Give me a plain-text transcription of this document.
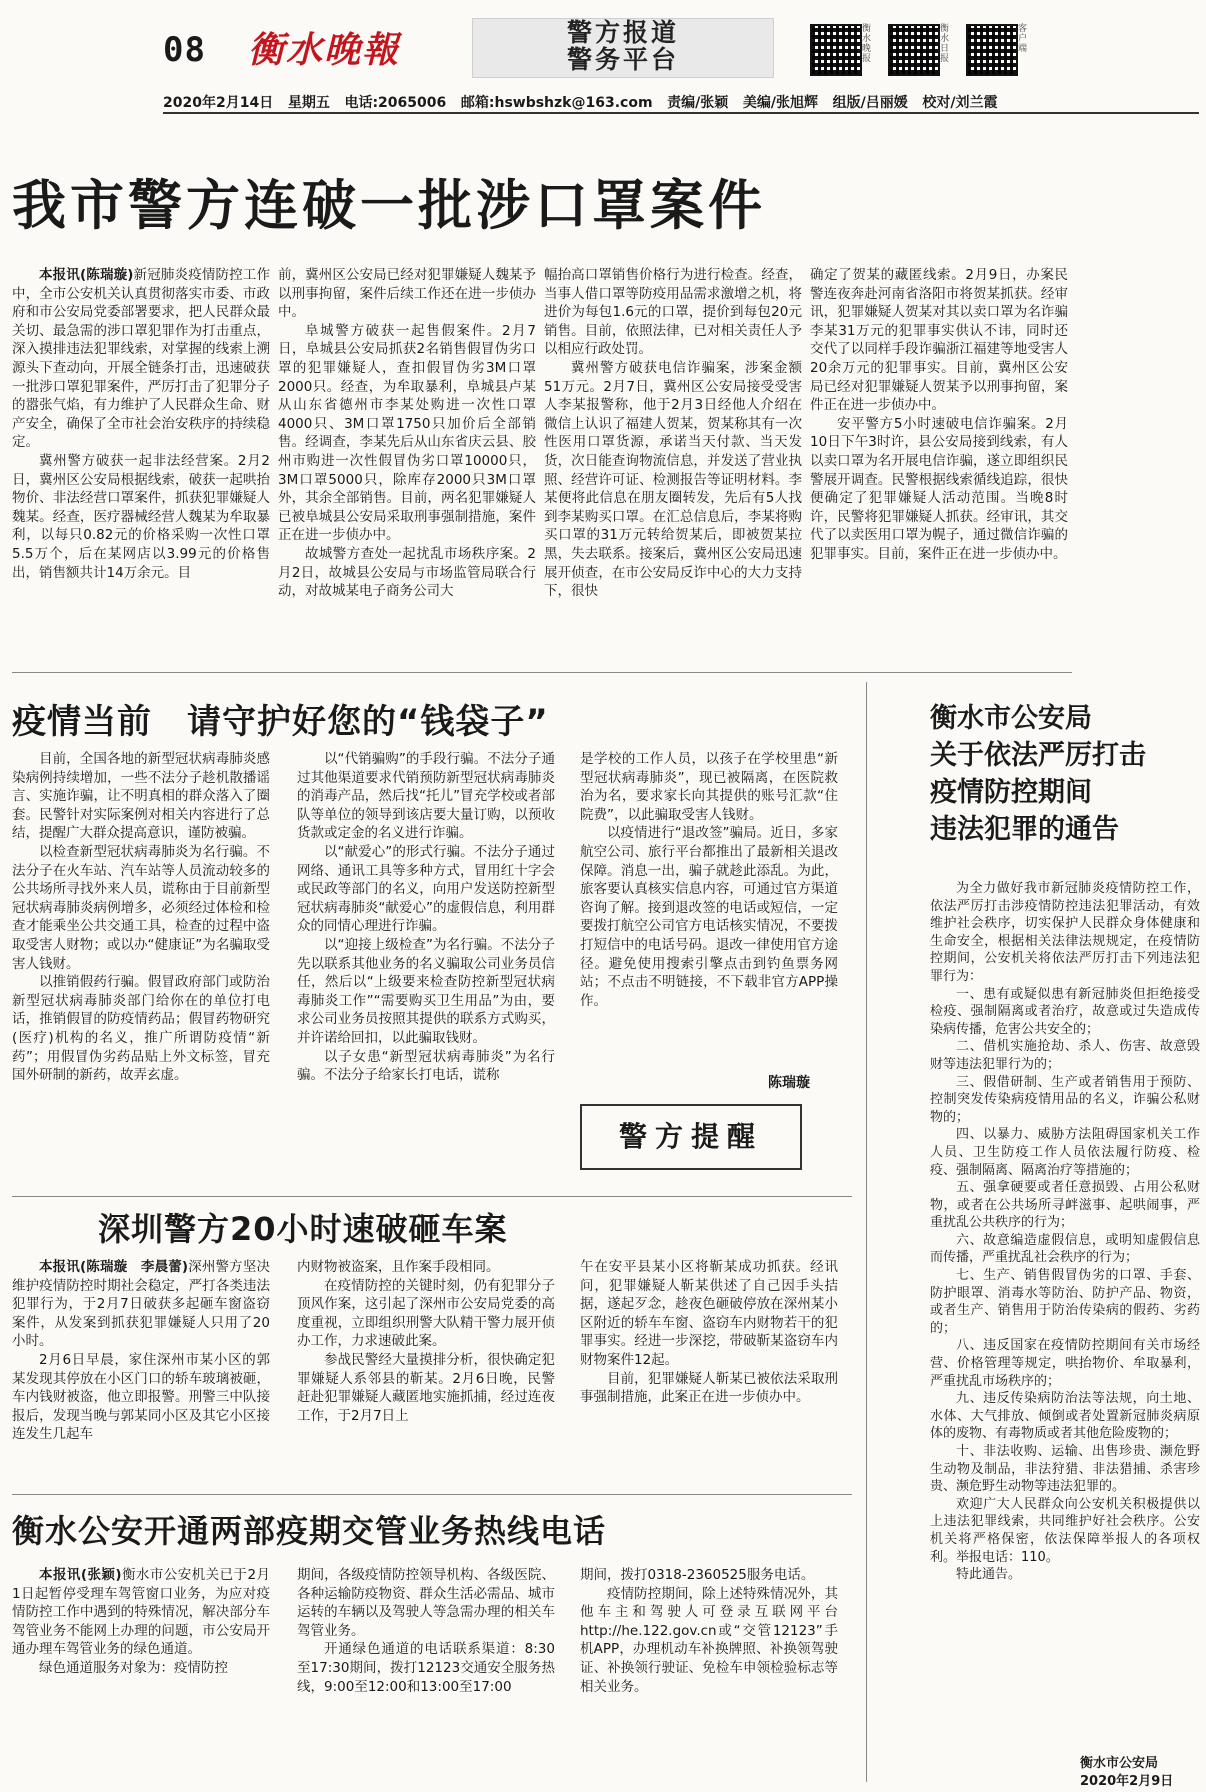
08 衡水晚報	警方报道
警务平台
衡水晚报
衡水日报
客户端
2020年2月14日 星期五 电话:2065006 邮箱:hswbshzk@163.com 责编/张颖 美编/张旭辉 组版/吕丽媛 校对/刘兰霞
我市警方连破一批涉口罩案件

本报讯(陈瑞璇)新冠肺炎疫情防控工作中，全市公安机关认真贯彻落实市委、市政府和市公安局党委部署要求，把人民群众最关切、最急需的涉口罩犯罪作为打击重点，深入摸排违法犯罪线索，对掌握的线索上溯源头下查动向，开展全链条打击，迅速破获一批涉口罩犯罪案件，严厉打击了犯罪分子的嚣张气焰，有力维护了人民群众生命、财产安全，确保了全市社会治安秩序的持续稳定。

冀州警方破获一起非法经营案。2月2日，冀州区公安局根据线索，破获一起哄抬物价、非法经营口罩案件，抓获犯罪嫌疑人魏某。经查，医疗器械经营人魏某为牟取暴利，以每只0.82元的价格采购一次性口罩5.5万个，后在某网店以3.99元的价格售出，销售额共计14万余元。目

前，冀州区公安局已经对犯罪嫌疑人魏某予以刑事拘留，案件后续工作还在进一步侦办中。

阜城警方破获一起售假案件。2月7日，阜城县公安局抓获2名销售假冒伪劣口罩的犯罪嫌疑人，查扣假冒伪劣3M口罩2000只。经查，为牟取暴利，阜城县卢某从山东省德州市李某处购进一次性口罩4000只、3M口罩1750只加价后全部销售。经调查，李某先后从山东省庆云县、胶州市购进一次性假冒伪劣口罩10000只，3M口罩5000只，除库存2000只3M口罩外，其余全部销售。目前，两名犯罪嫌疑人已被阜城县公安局采取刑事强制措施，案件正在进一步侦办中。

故城警方查处一起扰乱市场秩序案。2月2日，故城县公安局与市场监管局联合行动，对故城某电子商务公司大

幅抬高口罩销售价格行为进行检查。经查，当事人借口罩等防疫用品需求激增之机，将进价为每包1.6元的口罩，提价到每包20元销售。目前，依照法律，已对相关责任人予以相应行政处罚。

冀州警方破获电信诈骗案，涉案金额51万元。2月7日，冀州区公安局接受受害人李某报警称，他于2月3日经他人介绍在微信上认识了福建人贺某，贺某称其有一次性医用口罩货源，承诺当天付款、当天发货，次日能查询物流信息，并发送了营业执照、经营许可证、检测报告等证明材料。李某便将此信息在朋友圈转发，先后有5人找到李某购买口罩。在汇总信息后，李某将购买口罩的31万元转给贺某后，即被贺某拉黑，失去联系。接案后，冀州区公安局迅速展开侦查，在市公安局反诈中心的大力支持下，很快

确定了贺某的藏匿线索。2月9日，办案民警连夜奔赴河南省洛阳市将贺某抓获。经审讯，犯罪嫌疑人贺某对其以卖口罩为名诈骗李某31万元的犯罪事实供认不讳，同时还交代了以同样手段诈骗浙江福建等地受害人20余万元的犯罪事实。目前，冀州区公安局已经对犯罪嫌疑人贺某予以刑事拘留，案件正在进一步侦办中。

安平警方5小时速破电信诈骗案。2月10日下午3时许，县公安局接到线索，有人以卖口罩为名开展电信诈骗，遂立即组织民警展开调查。民警根据线索循线追踪，很快便确定了犯罪嫌疑人活动范围。当晚8时许，民警将犯罪嫌疑人抓获。经审讯，其交代了以卖医用口罩为幌子，通过微信诈骗的犯罪事实。目前，案件正在进一步侦办中。

疫情当前　请守护好您的“钱袋子”

目前，全国各地的新型冠状病毒肺炎感染病例持续增加，一些不法分子趁机散播谣言、实施诈骗，让不明真相的群众落入了圈套。民警针对实际案例对相关内容进行了总结，提醒广大群众提高意识，谨防被骗。

以检查新型冠状病毒肺炎为名行骗。不法分子在火车站、汽车站等人员流动较多的公共场所寻找外来人员，谎称由于目前新型冠状病毒肺炎病例增多，必须经过体检和检查才能乘坐公共交通工具，检查的过程中盗取受害人财物；或以办“健康证”为名骗取受害人钱财。

以推销假药行骗。假冒政府部门或防治新型冠状病毒肺炎部门给你在的单位打电话，推销假冒的防疫情药品；假冒药物研究(医疗)机构的名义，推广所谓防疫情“新药”；用假冒伪劣药品贴上外文标签，冒充国外研制的新药，故弄玄虚。

以“代销骗购”的手段行骗。不法分子通过其他渠道要求代销预防新型冠状病毒肺炎的消毒产品，然后找“托儿”冒充学校或者部队等单位的领导到该店要大量订购，以预收货款或定金的名义进行诈骗。

以“献爱心”的形式行骗。不法分子通过网络、通讯工具等多种方式，冒用红十字会或民政等部门的名义，向用户发送防控新型冠状病毒肺炎“献爱心”的虚假信息，利用群众的同情心理进行诈骗。

以“迎接上级检查”为名行骗。不法分子先以联系其他业务的名义骗取公司业务员信任，然后以“上级要来检查防控新型冠状病毒肺炎工作”“需要购买卫生用品”为由，要求公司业务员按照其提供的联系方式购买，并许诺给回扣，以此骗取钱财。

以子女患“新型冠状病毒肺炎”为名行骗。不法分子给家长打电话，谎称

是学校的工作人员，以孩子在学校里患“新型冠状病毒肺炎”，现已被隔离，在医院救治为名，要求家长向其提供的账号汇款“住院费”，以此骗取受害人钱财。

以疫情进行“退改签”骗局。近日，多家航空公司、旅行平台都推出了最新相关退改保障。消息一出，骗子就趁此添乱。为此，旅客要认真核实信息内容，可通过官方渠道咨询了解。接到退改签的电话或短信，一定要拨打航空公司官方电话核实情况，不要拨打短信中的电话号码。退改一律使用官方途径。避免使用搜索引擎点击到钓鱼票务网站；不点击不明链接，不下载非官方APP操作。

陈瑞璇
警方提醒
深圳警方20小时速破砸车案

本报讯(陈瑞璇　李晨蕾)深州警方坚决维护疫情防控时期社会稳定，严打各类违法犯罪行为，于2月7日破获多起砸车窗盗窃案件，从发案到抓获犯罪嫌疑人只用了20小时。

2月6日早晨，家住深州市某小区的郭某发现其停放在小区门口的轿车玻璃被砸，车内钱财被盗，他立即报警。刑警三中队接报后，发现当晚与郭某同小区及其它小区接连发生几起车

内财物被盗案，且作案手段相同。

在疫情防控的关键时刻，仍有犯罪分子顶风作案，这引起了深州市公安局党委的高度重视，立即组织刑警大队精干警力展开侦办工作，力求速破此案。

参战民警经大量摸排分析，很快确定犯罪嫌疑人系邻县的靳某。2月6日晚，民警赶赴犯罪嫌疑人藏匿地实施抓捕，经过连夜工作，于2月7日上

午在安平县某小区将靳某成功抓获。经讯问，犯罪嫌疑人靳某供述了自己因手头拮据，遂起歹念，趁夜色砸破停放在深州某小区附近的轿车车窗、盗窃车内财物若干的犯罪事实。经进一步深挖，带破靳某盗窃车内财物案件12起。

目前，犯罪嫌疑人靳某已被依法采取刑事强制措施，此案正在进一步侦办中。

衡水公安开通两部疫期交管业务热线电话

本报讯(张颖)衡水市公安机关已于2月1日起暂停受理车驾管窗口业务，为应对疫情防控工作中遇到的特殊情况，解决部分车驾管业务不能网上办理的问题，市公安局开通办理车驾管业务的绿色通道。

绿色通道服务对象为：疫情防控

期间，各级疫情防控领导机构、各级医院、各种运输防疫物资、群众生活必需品、城市运转的车辆以及驾驶人等急需办理的相关车驾管业务。

开通绿色通道的电话联系渠道：8:30至17:30期间，拨打12123交通安全服务热线，9:00至12:00和13:00至17:00

期间，拨打0318-2360525服务电话。

疫情防控期间，除上述特殊情况外，其他车主和驾驶人可登录互联网平台http://he.122.gov.cn或“交管12123”手机APP，办理机动车补换牌照、补换领驾驶证、补换领行驶证、免检车申领检验标志等相关业务。

衡水市公安局
关于依法严厉打击
疫情防控期间
违法犯罪的通告

为全力做好我市新冠肺炎疫情防控工作，依法严厉打击涉疫情防控违法犯罪活动，有效维护社会秩序，切实保护人民群众身体健康和生命安全，根据相关法律法规规定，在疫情防控期间，公安机关将依法严厉打击下列违法犯罪行为：

一、患有或疑似患有新冠肺炎但拒绝接受检疫、强制隔离或者治疗，故意或过失造成传染病传播，危害公共安全的；

二、借机实施抢劫、杀人、伤害、故意毁财等违法犯罪行为的；

三、假借研制、生产或者销售用于预防、控制突发传染病疫情用品的名义，诈骗公私财物的；

四、以暴力、威胁方法阻碍国家机关工作人员、卫生防疫工作人员依法履行防疫、检疫、强制隔离、隔离治疗等措施的；

五、强拿硬要或者任意损毁、占用公私财物，或者在公共场所寻衅滋事、起哄闹事，严重扰乱公共秩序的行为；

六、故意编造虚假信息，或明知虚假信息而传播，严重扰乱社会秩序的行为；

七、生产、销售假冒伪劣的口罩、手套、防护眼罩、消毒水等防治、防护产品、物资，或者生产、销售用于防治传染病的假药、劣药的；

八、违反国家在疫情防控期间有关市场经营、价格管理等规定，哄抬物价、牟取暴利，严重扰乱市场秩序的；

九、违反传染病防治法等法规，向土地、水体、大气排放、倾倒或者处置新冠肺炎病原体的废物、有毒物质或者其他危险废物的；

十、非法收购、运输、出售珍贵、濒危野生动物及制品，非法狩猎、非法猎捕、杀害珍贵、濒危野生动物等违法犯罪的。

欢迎广大人民群众向公安机关积极提供以上违法犯罪线索，共同维护好社会秩序。公安机关将严格保密，依法保障举报人的各项权利。举报电话：110。

特此通告。

衡水市公安局
2020年2月9日
